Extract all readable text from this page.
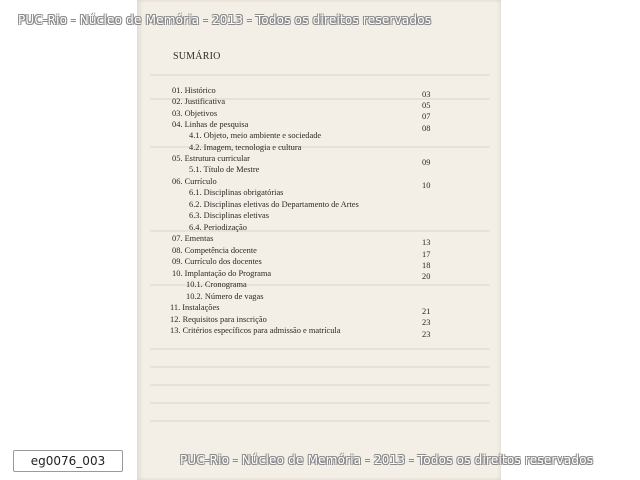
PUC-Rio - Núcleo de Memória - 2013 - Todos os direitos reservados
SUMÁRIO
01. Histórico	03
02. Justificativa	05
03. Objetivos	07
04. Linhas de pesquisa	08
4.1. Objeto, meio ambiente e sociedade
4.2. Imagem, tecnologia e cultura
05. Estrutura curricular	09
5.1. Título de Mestre
06. Currículo	10
6.1. Disciplinas obrigatórias
6.2. Disciplinas eletivas do Departamento de Artes
6.3. Disciplinas eletivas
6.4. Periodização
07. Ementas	13
08. Competência docente	17
09. Currículo dos docentes	18
10. Implantação do Programa	20
10.1. Cronograma
10.2. Número de vagas
11. Instalações	21
12. Requisitos para inscrição	23
13. Critérios específicos para admissão e matrícula	23
eg0076_003	PUC-Rio - Núcleo de Memória - 2013 - Todos os direitos reservados
